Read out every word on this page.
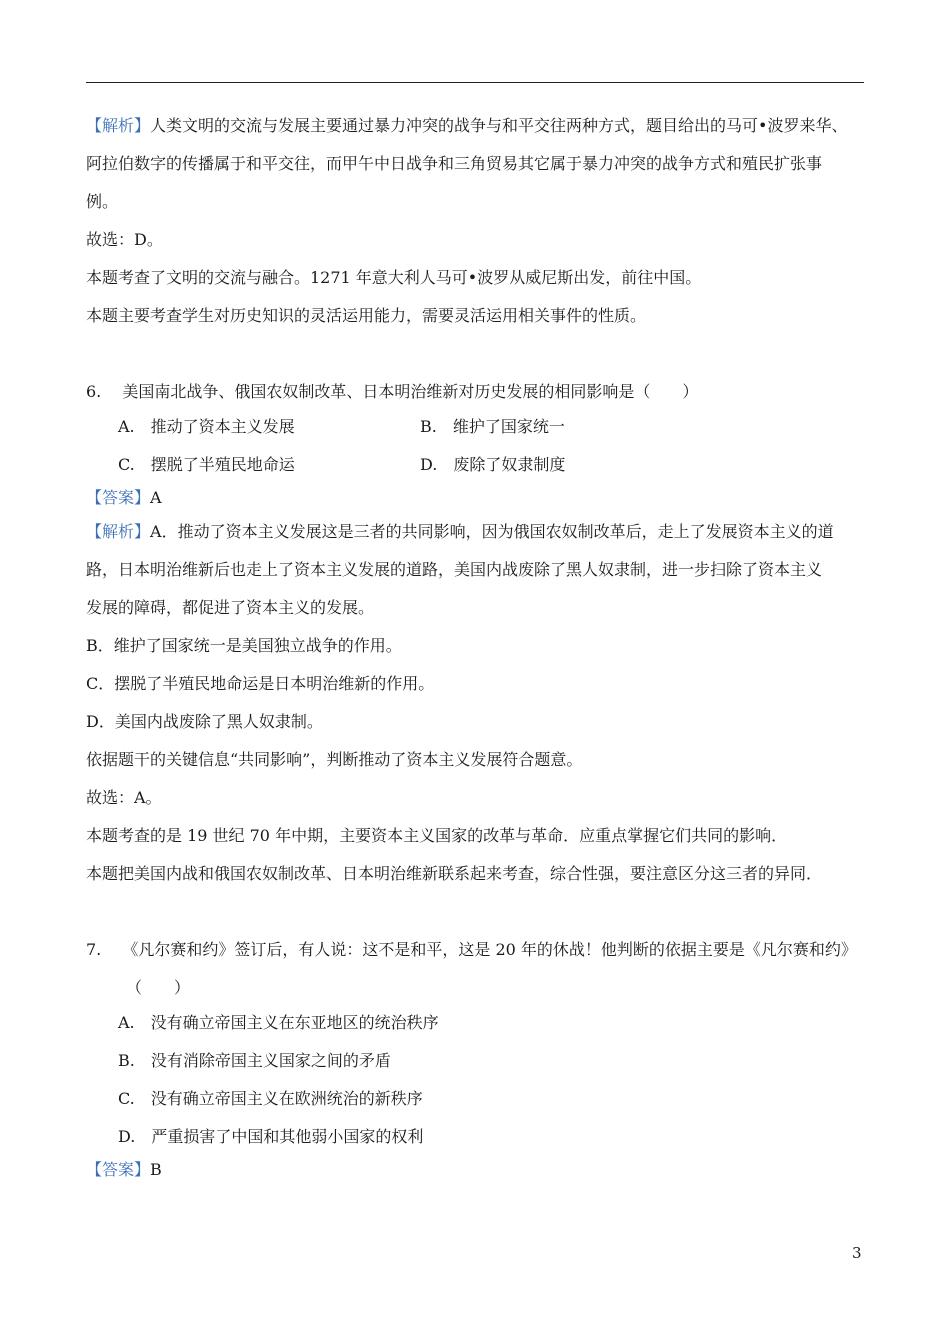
【解析】人类文明的交流与发展主要通过暴力冲突的战争与和平交往两种方式，题目给出的马可•波罗来华、
阿拉伯数字的传播属于和平交往，而甲午中日战争和三角贸易其它属于暴力冲突的战争方式和殖民扩张事
例。
故选：D。
本题考查了文明的交流与融合。1271 年意大利人马可•波罗从威尼斯出发，前往中国。
本题主要考查学生对历史知识的灵活运用能力，需要灵活运用相关事件的性质。
6.　 美国南北战争、俄国农奴制改革、日本明治维新对历史发展的相同影响是（　　）
A.　推动了资本主义发展	B.　维护了国家统一
C.　摆脱了半殖民地命运	D.　废除了奴隶制度
【答案】A
【解析】A．推动了资本主义发展这是三者的共同影响，因为俄国农奴制改革后，走上了发展资本主义的道
路，日本明治维新后也走上了资本主义发展的道路，美国内战废除了黑人奴隶制，进一步扫除了资本主义
发展的障碍，都促进了资本主义的发展。
B．维护了国家统一是美国独立战争的作用。
C．摆脱了半殖民地命运是日本明治维新的作用。
D．美国内战废除了黑人奴隶制。
依据题干的关键信息“共同影响”，判断推动了资本主义发展符合题意。
故选：A。
本题考查的是 19 世纪 70 年中期，主要资本主义国家的改革与革命．应重点掌握它们共同的影响．
本题把美国内战和俄国农奴制改革、日本明治维新联系起来考查，综合性强，要注意区分这三者的异同．
7.　 《凡尔赛和约》签订后，有人说：这不是和平，这是 20 年的休战！他判断的依据主要是《凡尔赛和约》
（　　）
A.　没有确立帝国主义在东亚地区的统治秩序
B.　没有消除帝国主义国家之间的矛盾
C.　没有确立帝国主义在欧洲统治的新秩序
D.　严重损害了中国和其他弱小国家的权利
【答案】B
3
